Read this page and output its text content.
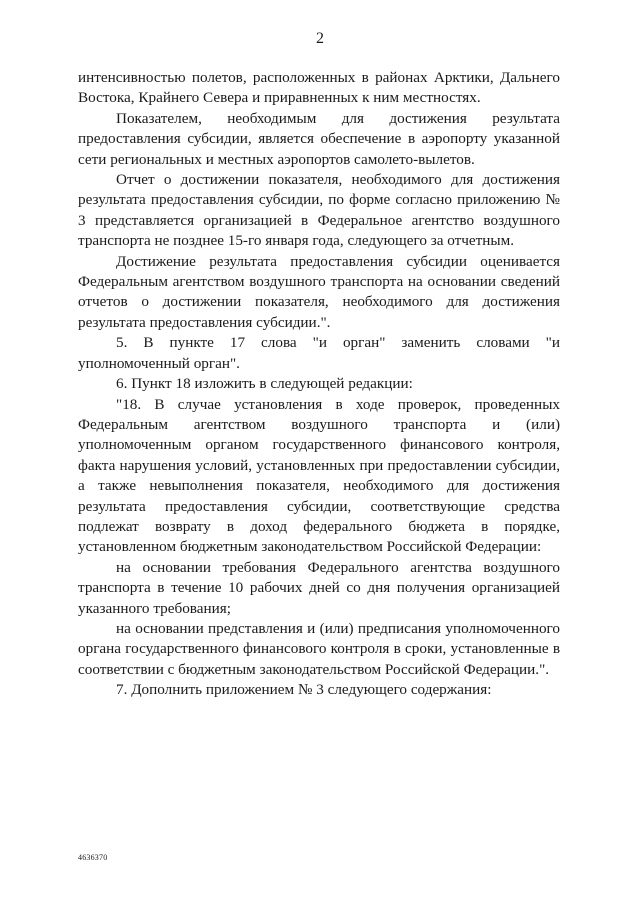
2

интенсивностью полетов, расположенных в районах Арктики, Дальнего Востока, Крайнего Севера и приравненных к ним местностях.

Показателем, необходимым для достижения результата предоставления субсидии, является обеспечение в аэропорту указанной сети региональных и местных аэропортов самолето-вылетов.

Отчет о достижении показателя, необходимого для достижения результата предоставления субсидии, по форме согласно приложению № 3 представляется организацией в Федеральное агентство воздушного транспорта не позднее 15-го января года, следующего за отчетным.

Достижение результата предоставления субсидии оценивается Федеральным агентством воздушного транспорта на основании сведений отчетов о достижении показателя, необходимого для достижения результата предоставления субсидии.".

5. В пункте 17 слова "и орган" заменить словами "и уполномоченный орган".

6. Пункт 18 изложить в следующей редакции:

"18. В случае установления в ходе проверок, проведенных Федеральным агентством воздушного транспорта и (или) уполномоченным органом государственного финансового контроля, факта нарушения условий, установленных при предоставлении субсидии, а также невыполнения показателя, необходимого для достижения результата предоставления субсидии, соответствующие средства подлежат возврату в доход федерального бюджета в порядке, установленном бюджетным законодательством Российской Федерации:

на основании требования Федерального агентства воздушного транспорта в течение 10 рабочих дней со дня получения организацией указанного требования;

на основании представления и (или) предписания уполномоченного органа государственного финансового контроля в сроки, установленные в соответствии с бюджетным законодательством Российской Федерации.".

7. Дополнить приложением № 3 следующего содержания:

4636370
